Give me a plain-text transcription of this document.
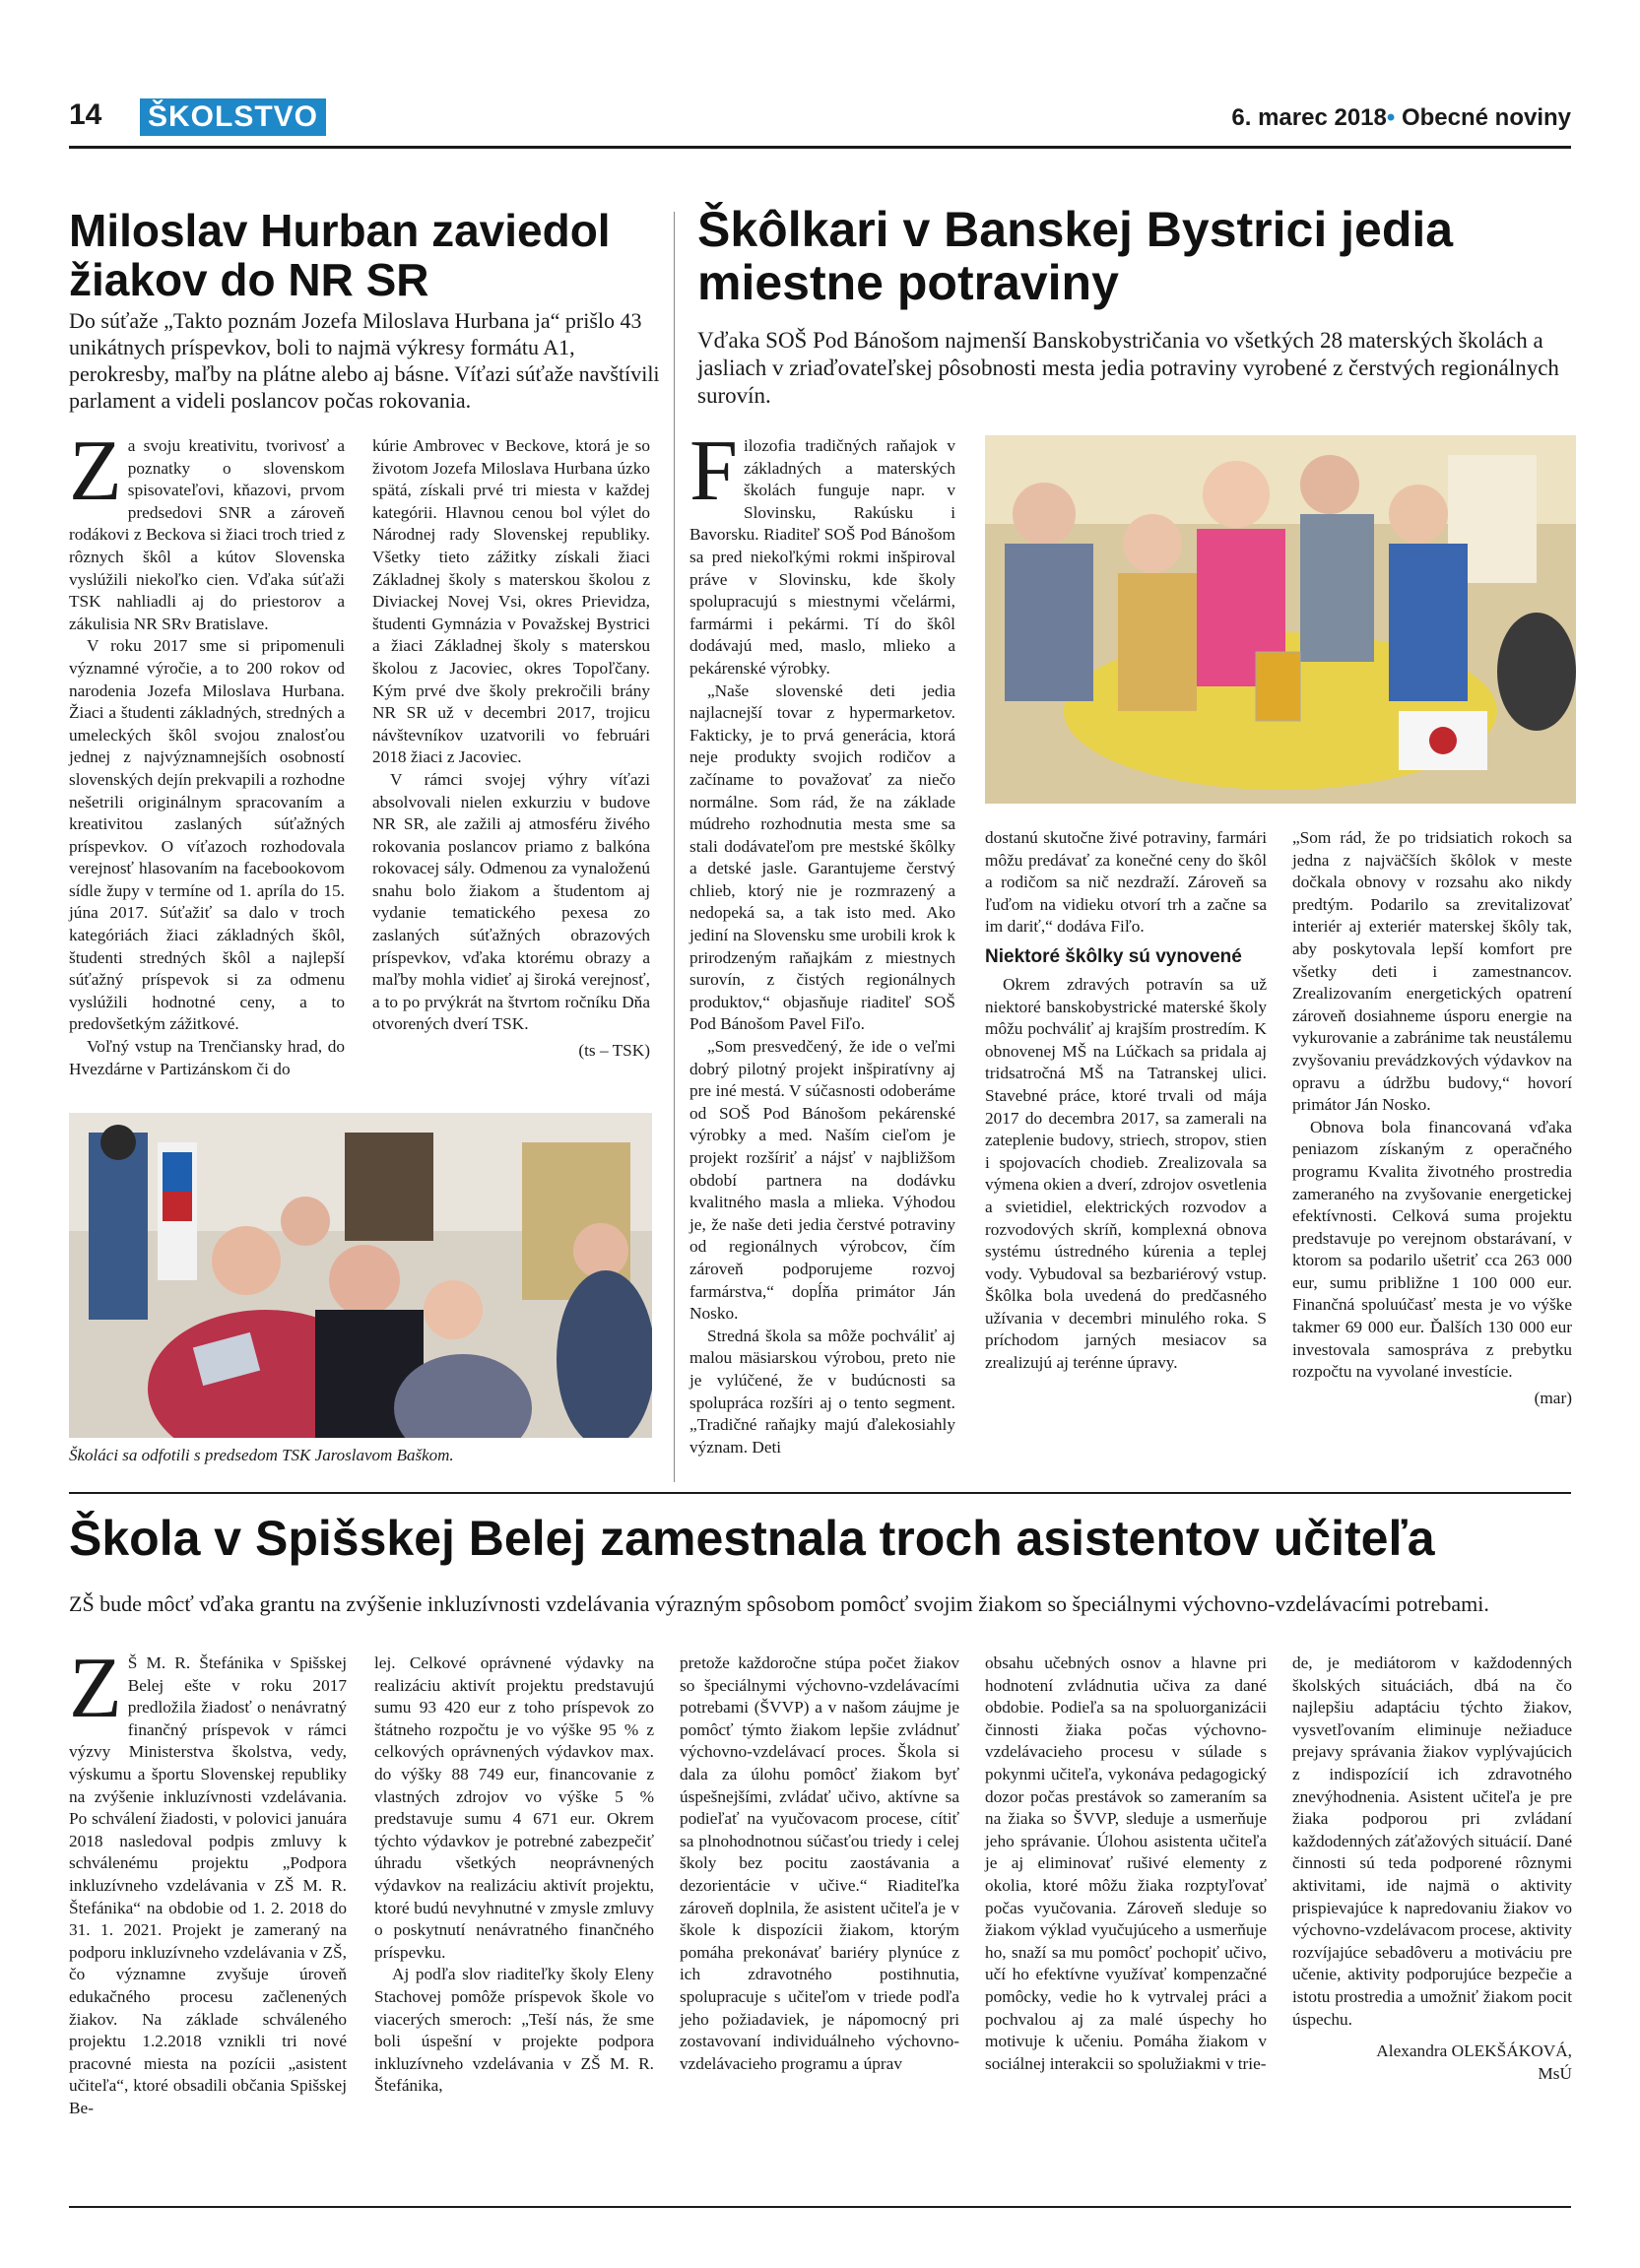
14 ŠKOLSTVO	6. marec 2018• Obecné noviny
Miloslav Hurban zaviedol žiakov do NR SR
Do súťaže „Takto poznám Jozefa Miloslava Hurbana ja“ prišlo 43 unikátnych príspevkov, boli to najmä výkresy formátu A1, perokresby, maľby na plátne alebo aj básne. Víťazi súťaže navštívili parlament a videli poslancov počas rokovania.
Z a svoju kreativitu, tvorivosť a poznatky o slovenskom spisovateľovi, kňazovi, prvom predsedovi SNR a zároveň rodákovi z Beckova si žiaci troch tried z rôznych škôl a kútov Slovenska vyslúžili niekoľko cien. Vďaka súťaži TSK nahliadli aj do priestorov a zákulisia NR SRv Bratislave.

V roku 2017 sme si pripomenuli významné výročie, a to 200 rokov od narodenia Jozefa Miloslava Hurbana. Žiaci a študenti základných, stredných a umeleckých škôl svojou znalosťou jednej z najvýznamnejších osobností slovenských dejín prekvapili a rozhodne nešetrili originálnym spracovaním a kreativitou zaslaných súťažných príspevkov. O víťazoch rozhodovala verejnosť hlasovaním na facebookovom sídle župy v termíne od 1. apríla do 15. júna 2017. Súťažiť sa dalo v troch kategóriách žiaci základných škôl, študenti stredných škôl a najlepší súťažný príspevok si za odmenu vyslúžili hodnotné ceny, a to predovšetkým zážitkové.

Voľný vstup na Trenčiansky hrad, do Hvezdárne v Partizánskom či do

kúrie Ambrovec v Beckove, ktorá je so životom Jozefa Miloslava Hurbana úzko spätá, získali prvé tri miesta v každej kategórii. Hlavnou cenou bol výlet do Národnej rady Slovenskej republiky. Všetky tieto zážitky získali žiaci Základnej školy s materskou školou z Diviackej Novej Vsi, okres Prievidza, študenti Gymnázia v Považskej Bystrici a žiaci Základnej školy s materskou školou z Jacoviec, okres Topoľčany. Kým prvé dve školy prekročili brány NR SR už v decembri 2017, trojicu návštevníkov uzatvorili vo februári 2018 žiaci z Jacoviec.

V rámci svojej výhry víťazi absolvovali nielen exkurziu v budove NR SR, ale zažili aj atmosféru živého rokovania poslancov priamo z balkóna rokovacej sály. Odmenou za vynaloženú snahu bolo žiakom a študentom aj vydanie tematického pexesa zo zaslaných súťažných obrazových príspevkov, vďaka ktorému obrazy a maľby mohla vidieť aj široká verejnosť, a to po prvýkrát na štvrtom ročníku Dňa otvorených dverí TSK.

(ts – TSK)
Školáci sa odfotili s predsedom TSK Jaroslavom Baškom.
Škôlkari v Banskej Bystrici jedia miestne potraviny
Vďaka SOŠ Pod Bánošom najmenší Banskobystričania vo všetkých 28 materských školách a jasliach v zriaďovateľskej pôsobnosti mesta jedia potraviny vyrobené z čerstvých regionálnych surovín.
F ilozofia tradičných raňajok v základných a materských školách funguje napr. v Slovinsku, Rakúsku i Bavorsku. Riaditeľ SOŠ Pod Bánošom sa pred niekoľkými rokmi inšpiroval práve v Slovinsku, kde školy spolupracujú s miestnymi včelármi, farmármi i pekármi. Tí do škôl dodávajú med, maslo, mlieko a pekárenské výrobky.

„Naše slovenské deti jedia najlacnejší tovar z hypermarketov. Fakticky, je to prvá generácia, ktorá neje produkty svojich rodičov a začíname to považovať za niečo normálne. Som rád, že na základe múdreho rozhodnutia mesta sme sa stali dodávateľom pre mestské škôlky a detské jasle. Garantujeme čerstvý chlieb, ktorý nie je rozmrazený a nedopeká sa, a tak isto med. Ako jediní na Slovensku sme urobili krok k prirodzeným raňajkám z miestnych surovín, z čistých regionálnych produktov,“ objasňuje riaditeľ SOŠ Pod Bánošom Pavel Fiľo.

„Som presvedčený, že ide o veľmi dobrý pilotný projekt inšpiratívny aj pre iné mestá. V súčasnosti odoberáme od SOŠ Pod Bánošom pekárenské výrobky a med. Naším cieľom je projekt rozšíriť a nájsť v najbližšom období partnera na dodávku kvalitného masla a mlieka. Výhodou je, že naše deti jedia čerstvé potraviny od regionálnych výrobcov, čím zároveň podporujeme rozvoj farmárstva,“ dopĺňa primátor Ján Nosko.

Stredná škola sa môže pochváliť aj malou mäsiarskou výrobou, preto nie je vylúčené, že v budúcnosti sa spolupráca rozšíri aj o tento segment. „Tradičné raňajky majú ďalekosiahly význam. Deti

dostanú skutočne živé potraviny, farmári môžu predávať za konečné ceny do škôl a rodičom sa nič nezdraží. Zároveň sa ľuďom na vidieku otvorí trh a začne sa im dariť,“ dodáva Fiľo.

Niektoré škôlky sú vynovené

Okrem zdravých potravín sa už niektoré banskobystrické materské školy môžu pochváliť aj krajším prostredím. K obnovenej MŠ na Lúčkach sa pridala aj tridsatročná MŠ na Tatranskej ulici. Stavebné práce, ktoré trvali od mája 2017 do decembra 2017, sa zamerali na zateplenie budovy, striech, stropov, stien i spojovacích chodieb. Zrealizovala sa výmena okien a dverí, zdrojov osvetlenia a svietidiel, elektrických rozvodov a rozvodových skríň, komplexná obnova systému ústredného kúrenia a teplej vody. Vybudoval sa bezbariérový vstup. Škôlka bola uvedená do predčasného užívania v decembri minulého roka. S príchodom jarných mesiacov sa zrealizujú aj terénne úpravy.

„Som rád, že po tridsiatich rokoch sa jedna z najväčších škôlok v meste dočkala obnovy v rozsahu ako nikdy predtým. Podarilo sa zrevitalizovať interiér aj exteriér materskej škôly tak, aby poskytovala lepší komfort pre všetky deti i zamestnancov. Zrealizovaním energetických opatrení zároveň dosiahneme úsporu energie na vykurovanie a zabránime tak neustálemu zvyšovaniu prevádzkových výdavkov na opravu a údržbu budovy,“ hovorí primátor Ján Nosko.

Obnova bola financovaná vďaka peniazom získaným z operačného programu Kvalita životného prostredia zameraného na zvyšovanie energetickej efektívnosti. Celková suma projektu predstavuje po verejnom obstarávaní, v ktorom sa podarilo ušetriť cca 263 000 eur, sumu približne 1 100 000 eur. Finančná spoluúčasť mesta je vo výške takmer 69 000 eur. Ďalších 130 000 eur investovala samospráva z prebytku rozpočtu na vyvolané investície.

(mar)
Škola v Spišskej Belej zamestnala troch asistentov učiteľa
ZŠ bude môcť vďaka grantu na zvýšenie inkluzívnosti vzdelávania výrazným spôsobom pomôcť svojim žiakom so špeciálnymi výchovno-vzdelávacími potrebami.
Z Š M. R. Štefánika v Spišskej Belej ešte v roku 2017 predložila žiadosť o nenávratný finančný príspevok v rámci výzvy Ministerstva školstva, vedy, výskumu a športu Slovenskej republiky na zvýšenie inkluzívnosti vzdelávania. Po schválení žiadosti, v polovici januára 2018 nasledoval podpis zmluvy k schválenému projektu „Podpora inkluzívneho vzdelávania v ZŠ M. R. Štefánika“ na obdobie od 1. 2. 2018 do 31. 1. 2021. Projekt je zameraný na podporu inkluzívneho vzdelávania v ZŠ, čo významne zvyšuje úroveň edukačného procesu začlenených žiakov. Na základe schváleného projektu 1.2.2018 vznikli tri nové pracovné miesta na pozícii „asistent učiteľa“, ktoré obsadili občania Spišskej Be-

lej. Celkové oprávnené výdavky na realizáciu aktivít projektu predstavujú sumu 93 420 eur z toho príspevok zo štátneho rozpočtu je vo výške 95 % z celkových oprávnených výdavkov max. do výšky 88 749 eur, financovanie z vlastných zdrojov vo výške 5 % predstavuje sumu 4 671 eur. Okrem týchto výdavkov je potrebné zabezpečiť úhradu všetkých neoprávnených výdavkov na realizáciu aktivít projektu, ktoré budú nevyhnutné v zmysle zmluvy o poskytnutí nenávratného finančného príspevku.

Aj podľa slov riaditeľky školy Eleny Stachovej pomôže príspevok škole vo viacerých smeroch: „Teší nás, že sme boli úspešní v projekte podpora inkluzívneho vzdelávania v ZŠ M. R. Štefánika,

pretože každoročne stúpa počet žiakov so špeciálnymi výchovno-vzdelávacími potrebami (ŠVVP) a v našom záujme je pomôcť týmto žiakom lepšie zvládnuť výchovno-vzdelávací proces. Škola si dala za úlohu pomôcť žiakom byť úspešnejšími, zvládať učivo, aktívne sa podieľať na vyučovacom procese, cítiť sa plnohodnotnou súčasťou triedy i celej školy bez pocitu zaostávania a dezorientácie v učive.“ Riaditeľka zároveň doplnila, že asistent učiteľa je v škole k dispozícii žiakom, ktorým pomáha prekonávať bariéry plynúce z ich zdravotného postihnutia, spolupracuje s učiteľom v triede podľa jeho požiadaviek, je nápomocný pri zostavovaní individuálneho výchovno-vzdelávacieho programu a úprav

obsahu učebných osnov a hlavne pri hodnotení zvládnutia učiva za dané obdobie. Podieľa sa na spoluorganizácii činnosti žiaka počas výchovno-vzdelávacieho procesu v súlade s pokynmi učiteľa, vykonáva pedagogický dozor počas prestávok so zameraním sa na žiaka so ŠVVP, sleduje a usmerňuje jeho správanie. Úlohou asistenta učiteľa je aj eliminovať rušivé elementy z okolia, ktoré môžu žiaka rozptyľovať počas vyučovania. Zároveň sleduje so žiakom výklad vyučujúceho a usmerňuje ho, snaží sa mu pomôcť pochopiť učivo, učí ho efektívne využívať kompenzačné pomôcky, vedie ho k vytrvalej práci a pochvalou aj za malé úspechy ho motivuje k učeniu. Pomáha žiakom v sociálnej interakcii so spolužiakmi v trie-

de, je mediátorom v každodenných školských situáciách, dbá na čo najlepšiu adaptáciu týchto žiakov, vysvetľovaním eliminuje nežiaduce prejavy správania žiakov vyplývajúcich z indispozícií ich zdravotného znevýhodnenia. Asistent učiteľa je pre žiaka podporou pri zvládaní každodenných záťažových situácií. Dané činnosti sú teda podporené rôznymi aktivitami, ide najmä o aktivity prispievajúce k napredovaniu žiakov vo výchovno-vzdelávacom procese, aktivity rozvíjajúce sebadôveru a motiváciu pre učenie, aktivity podporujúce bezpečie a istotu prostredia a umožniť žiakom pocit úspechu.

Alexandra OLEKŠÁKOVÁ,
MsÚ
